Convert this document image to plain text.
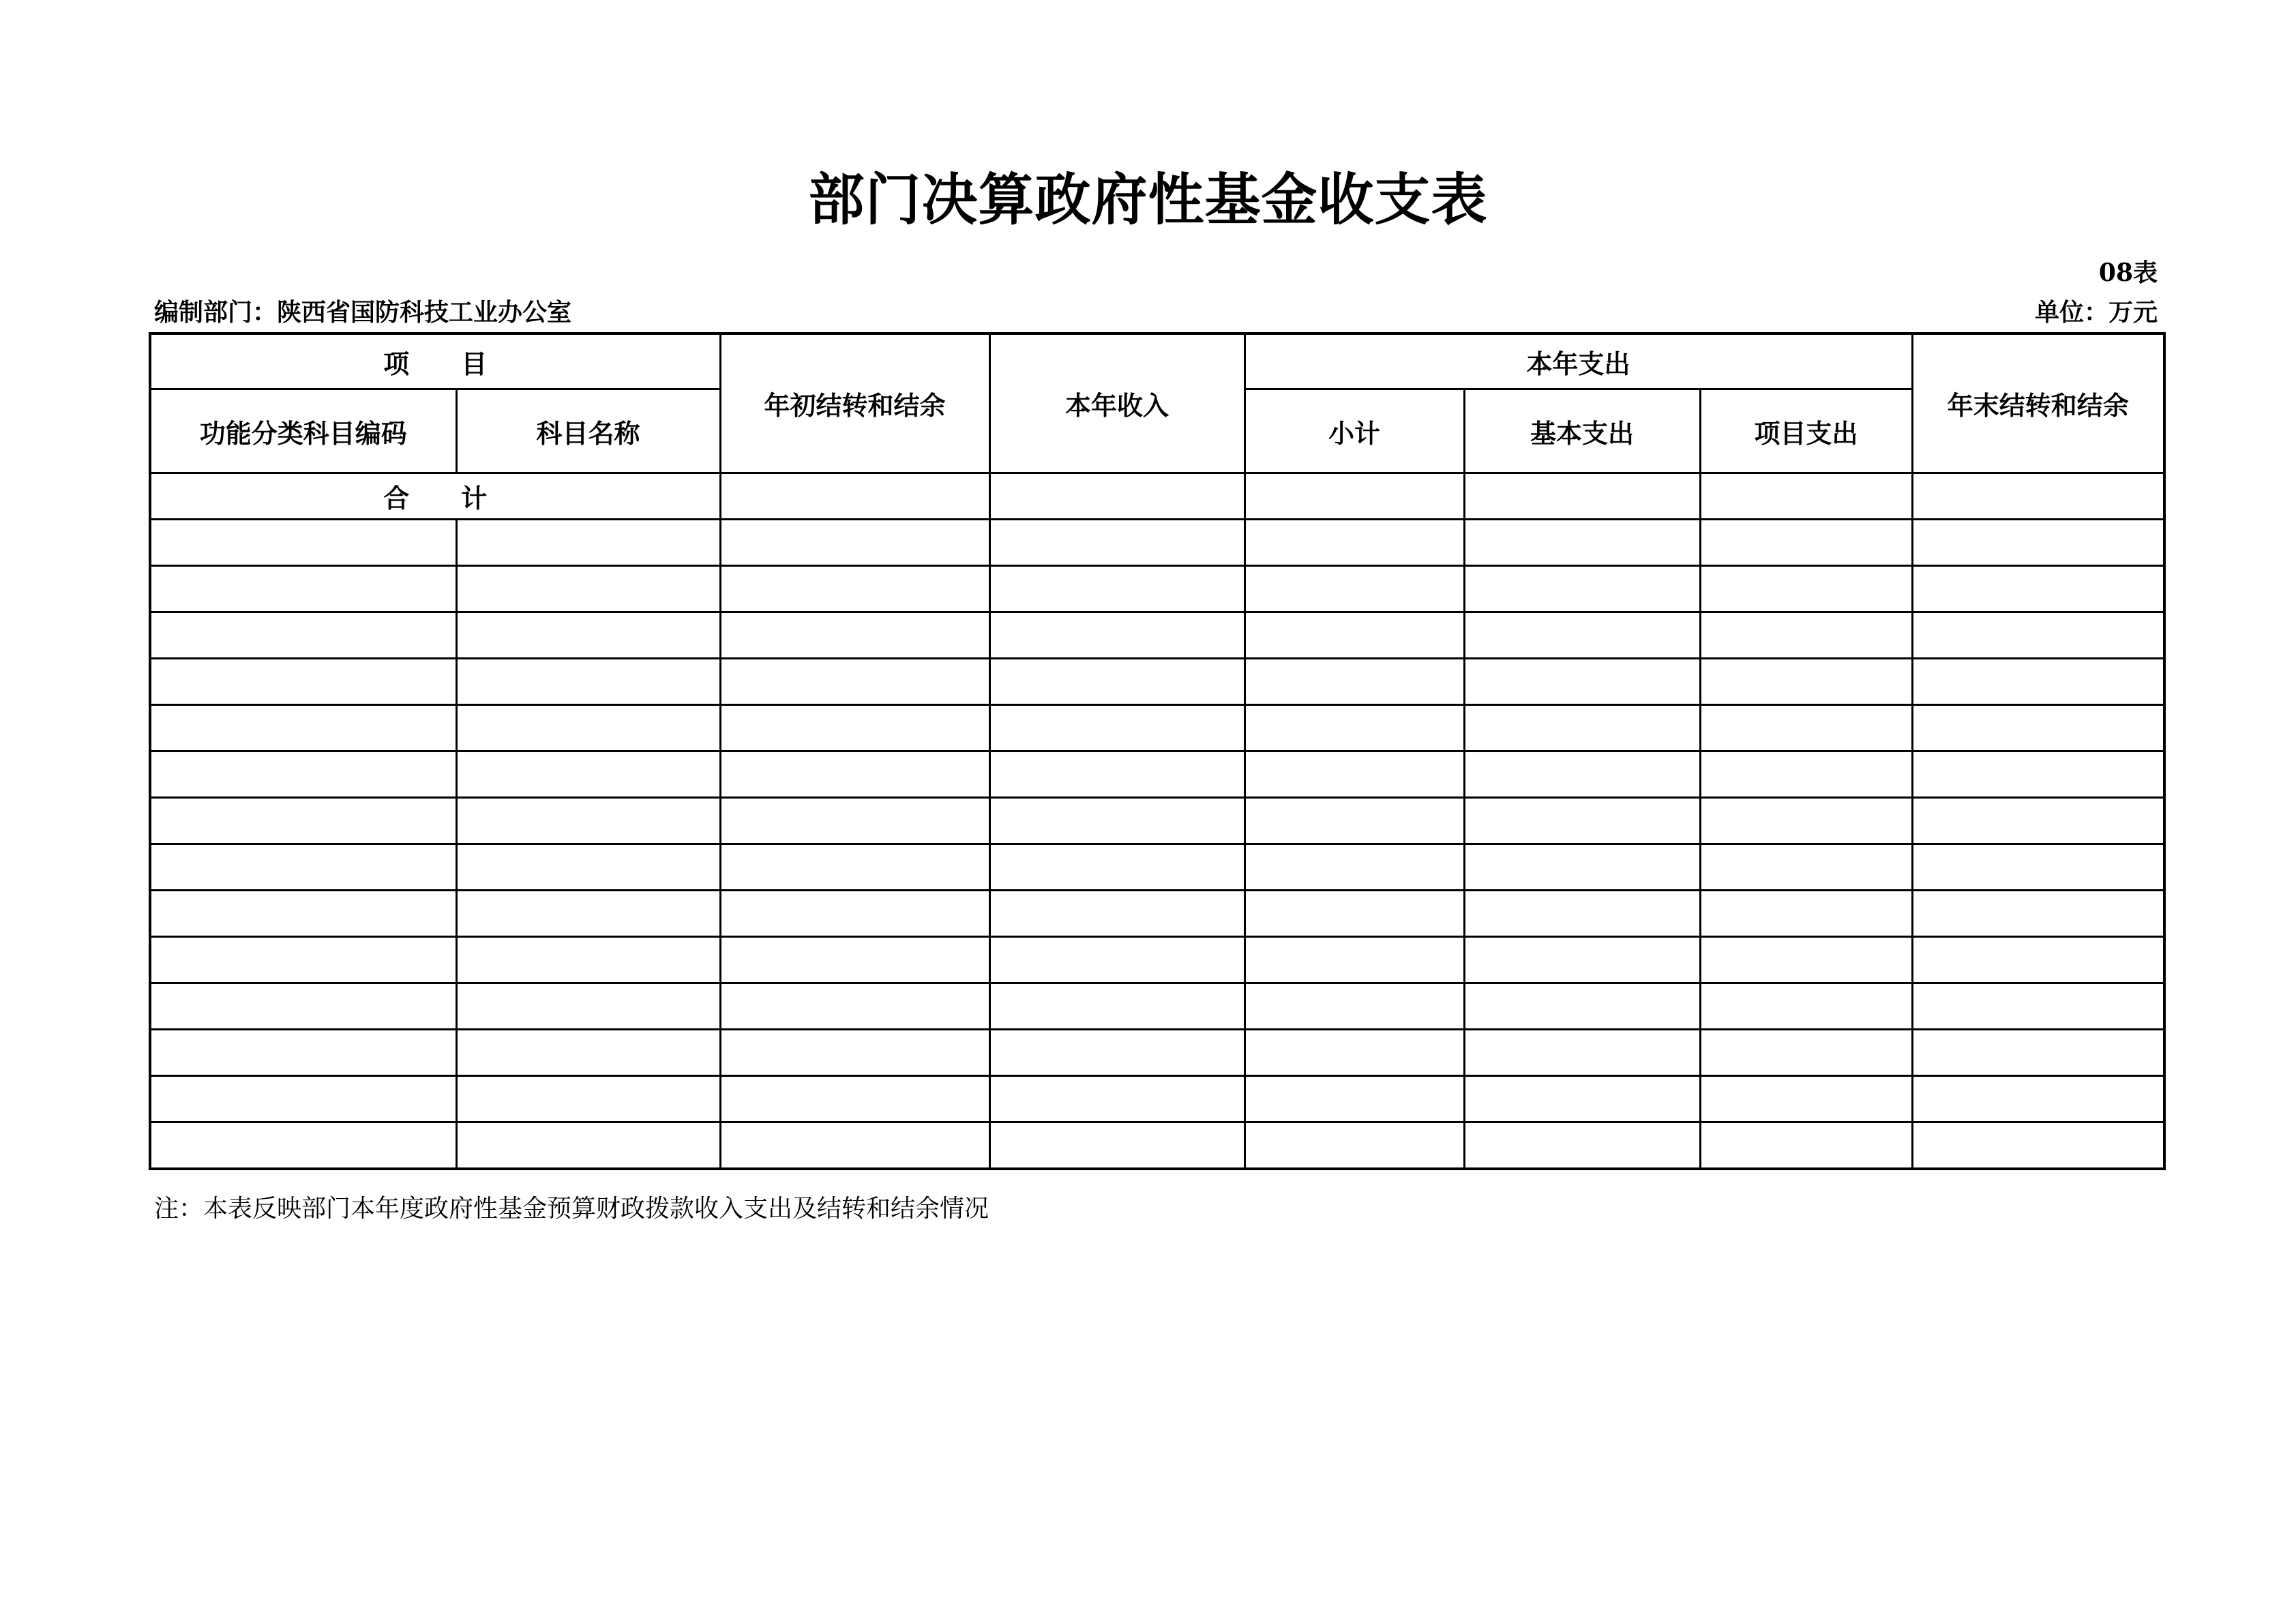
部门决算政府性基金收支表
08表
编制部门：陕西省国防科技工业办公室	单位：万元
项　　目		年初结转和结余	本年收入	本年支出			年末结转和结余
功能分类科目编码	科目名称			小计	基本支出	项目支出	
合　　计							

注：本表反映部门本年度政府性基金预算财政拨款收入支出及结转和结余情况
